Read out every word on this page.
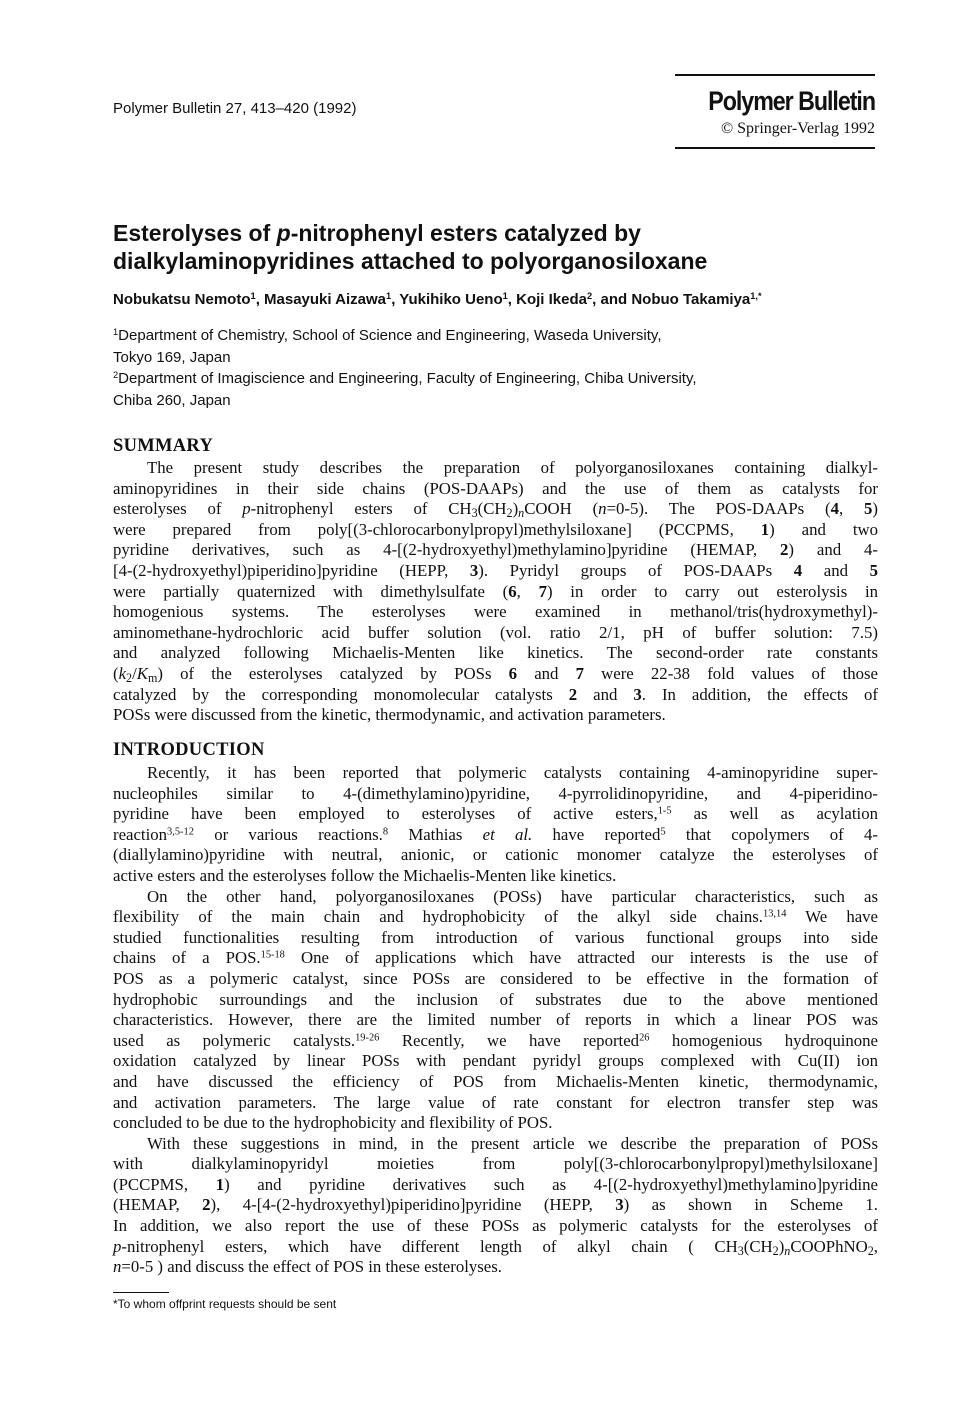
Polymer Bulletin 27, 413–420 (1992)	Polymer Bulletin
© Springer-Verlag 1992
Esterolyses of p-nitrophenyl esters catalyzed by
dialkylaminopyridines attached to polyorganosiloxane
Nobukatsu Nemoto$^1$, Masayuki Aizawa$^1$, Yukihiko Ueno$^1$, Koji Ikeda$^2$, and Nobuo Takamiya$^{1,*}$
$^1$Department of Chemistry, School of Science and Engineering, Waseda University,
Tokyo 169, Japan
$^2$Department of Imagiscience and Engineering, Faculty of Engineering, Chiba University,
Chiba 260, Japan
SUMMARY
The present study describes the preparation of polyorganosiloxanes containing dialkyl-
aminopyridines in their side chains (POS-DAAPs) and the use of them as catalysts for
esterolyses of p-nitrophenyl esters of $CH_3(CH_2)_nCOOH$ (n=0-5). The POS-DAAPs (4, 5)
were prepared from poly[(3-chlorocarbonylpropyl)methylsiloxane] (PCCPMS, 1) and two
pyridine derivatives, such as 4-[(2-hydroxyethyl)methylamino]pyridine (HEMAP, 2) and 4-
[4-(2-hydroxyethyl)piperidino]pyridine (HEPP, 3). Pyridyl groups of POS-DAAPs 4 and 5
were partially quaternized with dimethylsulfate (6, 7) in order to carry out esterolysis in
homogenious systems. The esterolyses were examined in methanol/tris(hydroxymethyl)-
aminomethane-hydrochloric acid buffer solution (vol. ratio 2/1, pH of buffer solution: 7.5)
and analyzed following Michaelis-Menten like kinetics. The second-order rate constants
$(k_2/K_m)$ of the esterolyses catalyzed by POSs 6 and 7 were 22-38 fold values of those
catalyzed by the corresponding monomolecular catalysts 2 and 3. In addition, the effects of
POSs were discussed from the kinetic, thermodynamic, and activation parameters.
INTRODUCTION
Recently, it has been reported that polymeric catalysts containing 4-aminopyridine super-
nucleophiles similar to 4-(dimethylamino)pyridine, 4-pyrrolidinopyridine, and 4-piperidino-
pyridine have been employed to esterolyses of active esters,$^{1-5}$ as well as acylation
reaction$^{3,5-12}$ or various reactions.$^8$ Mathias et al. have reported$^5$ that copolymers of 4-
(diallylamino)pyridine with neutral, anionic, or cationic monomer catalyze the esterolyses of
active esters and the esterolyses follow the Michaelis-Menten like kinetics.
On the other hand, polyorganosiloxanes (POSs) have particular characteristics, such as
flexibility of the main chain and hydrophobicity of the alkyl side chains.$^{13,14}$ We have
studied functionalities resulting from introduction of various functional groups into side
chains of a POS.$^{15-18}$ One of applications which have attracted our interests is the use of
POS as a polymeric catalyst, since POSs are considered to be effective in the formation of
hydrophobic surroundings and the inclusion of substrates due to the above mentioned
characteristics. However, there are the limited number of reports in which a linear POS was
used as polymeric catalysts.$^{19-26}$ Recently, we have reported$^{26}$ homogenious hydroquinone
oxidation catalyzed by linear POSs with pendant pyridyl groups complexed with Cu(II) ion
and have discussed the efficiency of POS from Michaelis-Menten kinetic, thermodynamic,
and activation parameters. The large value of rate constant for electron transfer step was
concluded to be due to the hydrophobicity and flexibility of POS.
With these suggestions in mind, in the present article we describe the preparation of POSs
with dialkylaminopyridyl moieties from poly[(3-chlorocarbonylpropyl)methylsiloxane]
(PCCPMS, 1) and pyridine derivatives such as 4-[(2-hydroxyethyl)methylamino]pyridine
(HEMAP, 2), 4-[4-(2-hydroxyethyl)piperidino]pyridine (HEPP, 3) as shown in Scheme 1.
In addition, we also report the use of these POSs as polymeric catalysts for the esterolyses of
p-nitrophenyl esters, which have different length of alkyl chain ( $CH_3(CH_2)_nCOOPhNO_2$,
n=0-5 ) and discuss the effect of POS in these esterolyses.
*To whom offprint requests should be sent
